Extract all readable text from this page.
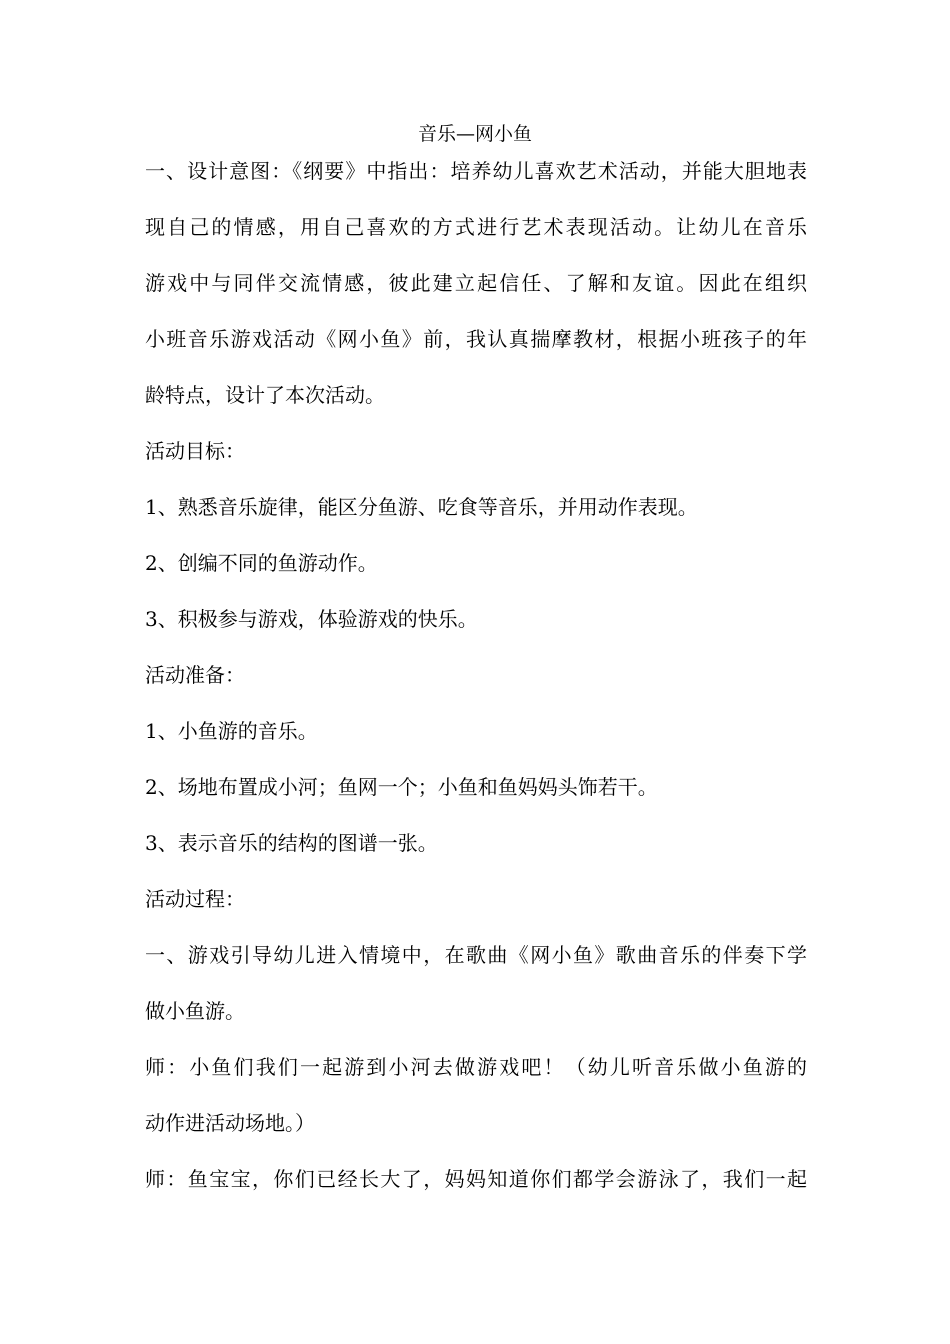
音乐—网小鱼
一、设计意图：《纲要》中指出：培养幼儿喜欢艺术活动，并能大胆地表
现自己的情感，用自己喜欢的方式进行艺术表现活动。让幼儿在音乐
游戏中与同伴交流情感，彼此建立起信任、了解和友谊。因此在组织
小班音乐游戏活动《网小鱼》前，我认真揣摩教材，根据小班孩子的年
龄特点，设计了本次活动。
活动目标：
1、熟悉音乐旋律，能区分鱼游、吃食等音乐，并用动作表现。
2、创编不同的鱼游动作。
3、积极参与游戏，体验游戏的快乐。
活动准备：
1、小鱼游的音乐。
2、场地布置成小河；鱼网一个；小鱼和鱼妈妈头饰若干。
3、表示音乐的结构的图谱一张。
活动过程：
一、游戏引导幼儿进入情境中，在歌曲《网小鱼》歌曲音乐的伴奏下学
做小鱼游。
师：小鱼们我们一起游到小河去做游戏吧！（幼儿听音乐做小鱼游的
动作进活动场地。）
师：鱼宝宝，你们已经长大了，妈妈知道你们都学会游泳了，我们一起
